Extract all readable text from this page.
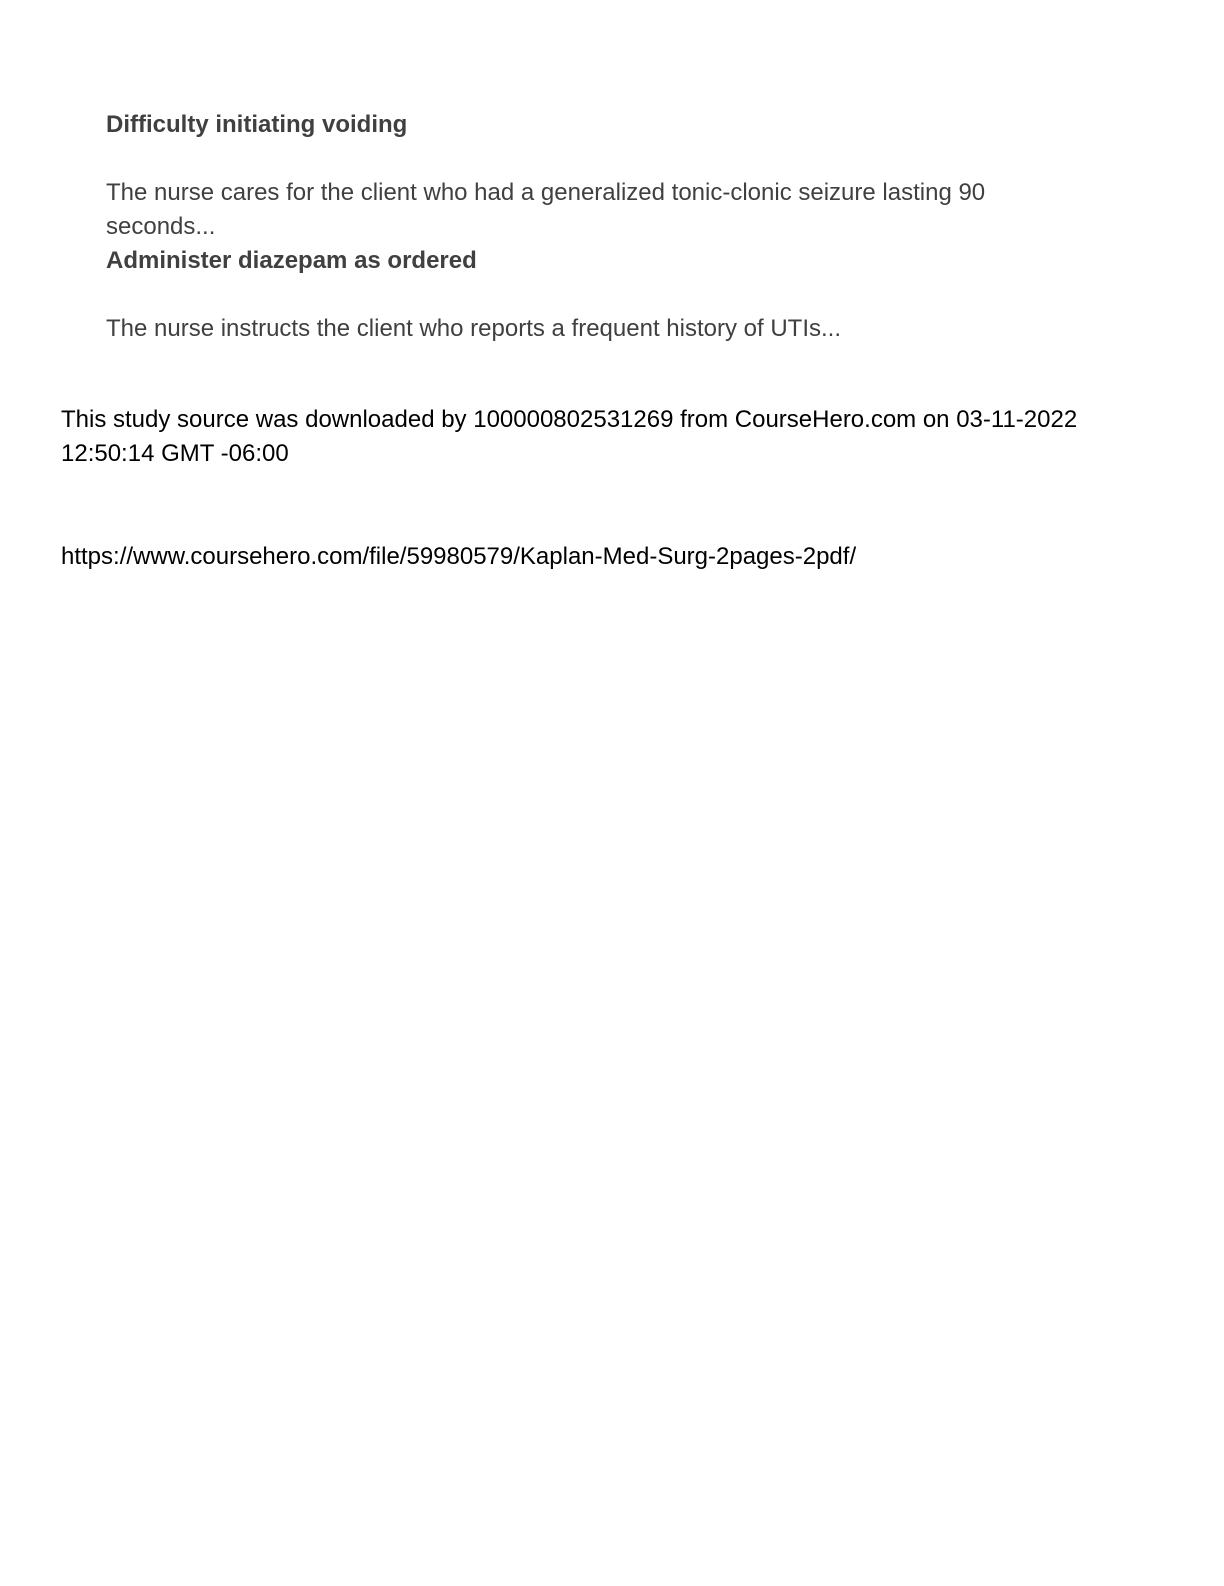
Difficulty initiating voiding

The nurse cares for the client who had a generalized tonic-clonic seizure lasting 90 seconds...

Administer diazepam as ordered

The nurse instructs the client who reports a frequent history of UTIs...

This study source was downloaded by 100000802531269 from CourseHero.com on 03-11-2022 12:50:14 GMT -06:00
https://www.coursehero.com/file/59980579/Kaplan-Med-Surg-2pages-2pdf/
